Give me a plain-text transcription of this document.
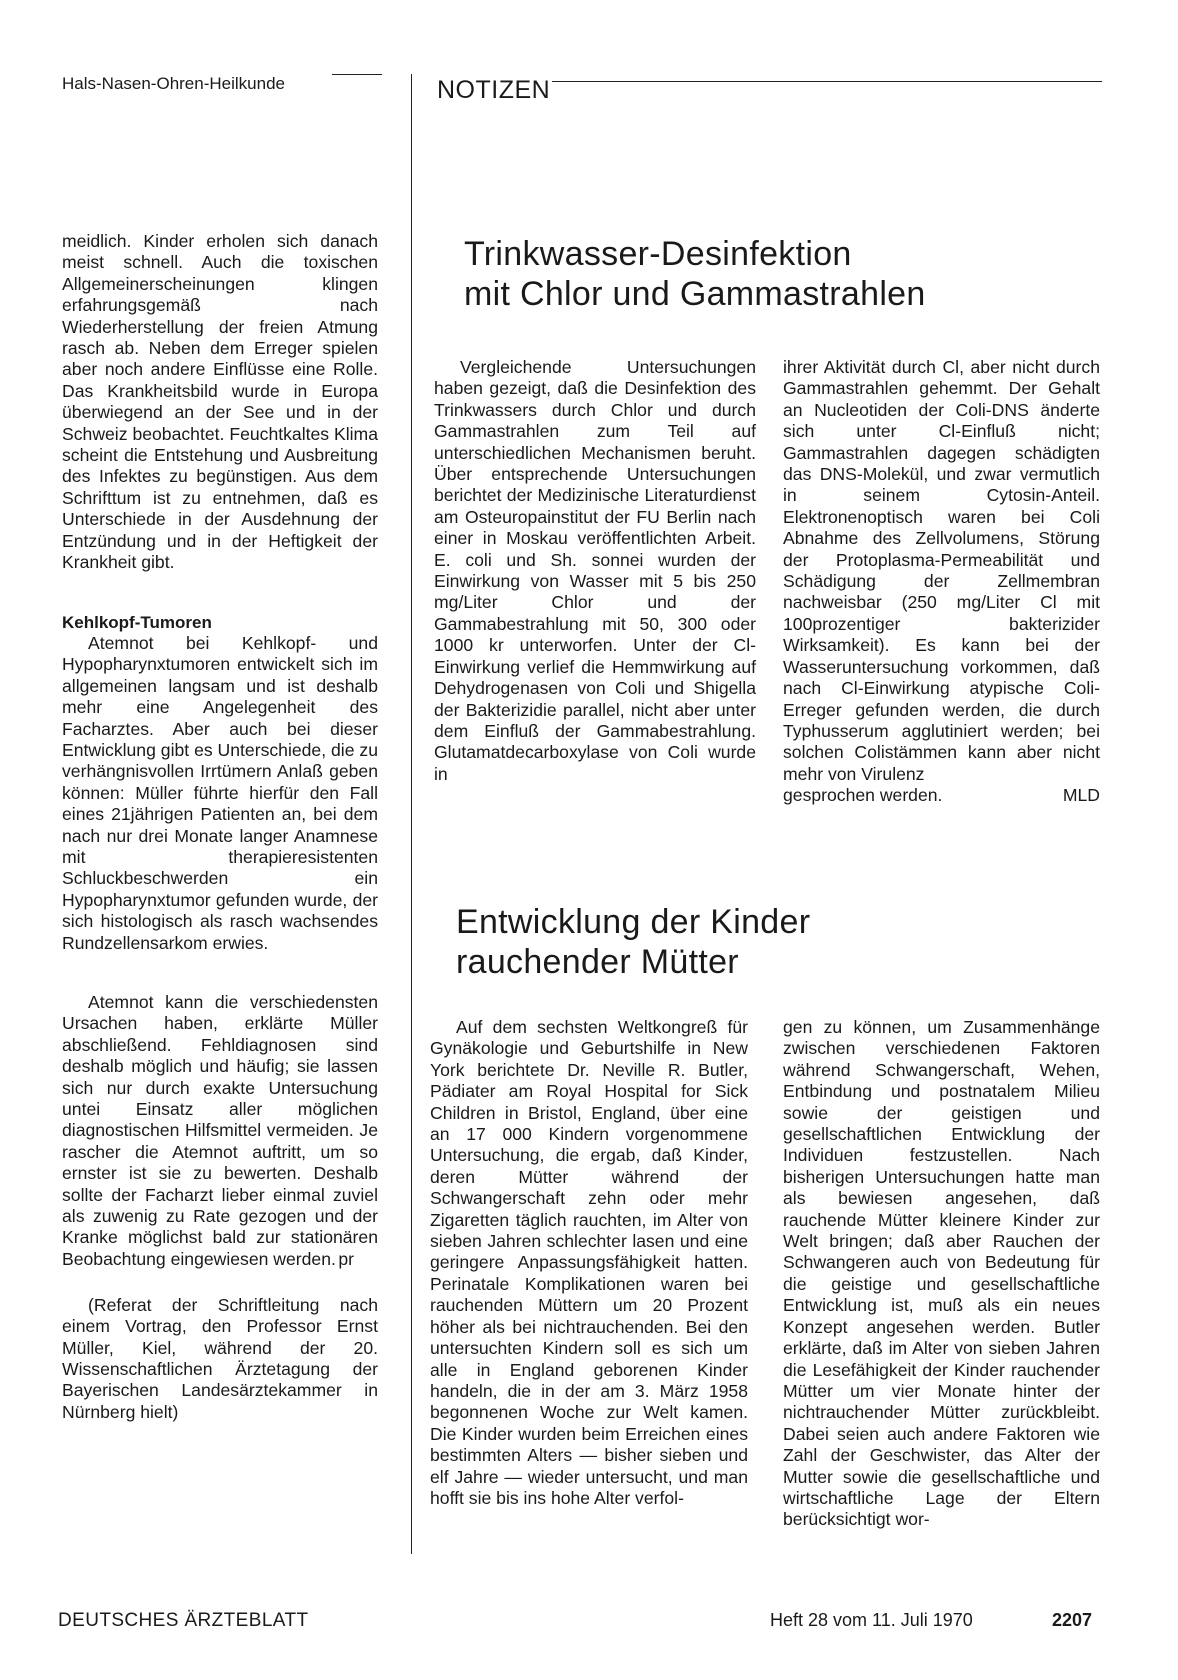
Hals-Nasen-Ohren-Heilkunde	NOTIZEN

meidlich. Kinder erholen sich danach meist schnell. Auch die toxischen Allgemeinerscheinungen klingen erfahrungsgemäß nach Wiederherstellung der freien Atmung rasch ab. Neben dem Erreger spielen aber noch andere Einflüsse eine Rolle. Das Krankheitsbild wurde in Europa überwiegend an der See und in der Schweiz beobachtet. Feuchtkaltes Klima scheint die Entstehung und Ausbreitung des Infektes zu begünstigen. Aus dem Schrifttum ist zu entnehmen, daß es Unterschiede in der Ausdehnung der Entzündung und in der Heftigkeit der Krankheit gibt.

Kehlkopf-Tumoren

Atemnot bei Kehlkopf- und Hypopharynxtumoren entwickelt sich im allgemeinen langsam und ist deshalb mehr eine Angelegenheit des Facharztes. Aber auch bei dieser Entwicklung gibt es Unterschiede, die zu verhängnisvollen Irrtümern Anlaß geben können: Müller führte hierfür den Fall eines 21jährigen Patienten an, bei dem nach nur drei Monate langer Anamnese mit therapieresistenten Schluckbeschwerden ein Hypopharynxtumor gefunden wurde, der sich histologisch als rasch wachsendes Rundzellensarkom erwies.

Atemnot kann die verschiedensten Ursachen haben, erklärte Müller abschließend. Fehldiagnosen sind deshalb möglich und häufig; sie lassen sich nur durch exakte Untersuchung untei Einsatz aller möglichen diagnostischen Hilfsmittel vermeiden. Je rascher die Atemnot auftritt, um so ernster ist sie zu bewerten. Deshalb sollte der Facharzt lieber einmal zuviel als zuwenig zu Rate gezogen und der Kranke möglichst bald zur stationären Beobachtung eingewiesen werden. pr

(Referat der Schriftleitung nach einem Vortrag, den Professor Ernst Müller, Kiel, während der 20. Wissenschaftlichen Ärztetagung der Bayerischen Landesärztekammer in Nürnberg hielt)

Trinkwasser-Desinfektion
mit Chlor und Gammastrahlen

Vergleichende Untersuchungen haben gezeigt, daß die Desinfektion des Trinkwassers durch Chlor und durch Gammastrahlen zum Teil auf unterschiedlichen Mechanismen beruht. Über entsprechende Untersuchungen berichtet der Medizinische Literaturdienst am Osteuropainstitut der FU Berlin nach einer in Moskau veröffentlichten Arbeit. E. coli und Sh. sonnei wurden der Einwirkung von Wasser mit 5 bis 250 mg/Liter Chlor und der Gammabestrahlung mit 50, 300 oder 1000 kr unterworfen. Unter der Cl-Einwirkung verlief die Hemmwirkung auf Dehydrogenasen von Coli und Shigella der Bakterizidie parallel, nicht aber unter dem Einfluß der Gammabestrahlung. Glutamatdecarboxylase von Coli wurde in

ihrer Aktivität durch Cl, aber nicht durch Gammastrahlen gehemmt. Der Gehalt an Nucleotiden der Coli-DNS änderte sich unter Cl-Einfluß nicht; Gammastrahlen dagegen schädigten das DNS-Molekül, und zwar vermutlich in seinem Cytosin-Anteil. Elektronenoptisch waren bei Coli Abnahme des Zellvolumens, Störung der Protoplasma-Permeabilität und Schädigung der Zellmembran nachweisbar (250 mg/Liter Cl mit 100prozentiger bakterizider Wirksamkeit). Es kann bei der Wasseruntersuchung vorkommen, daß nach Cl-Einwirkung atypische Coli-Erreger gefunden werden, die durch Typhusserum agglutiniert werden; bei solchen Colistämmen kann aber nicht mehr von Virulenz

gesprochen werden.	MLD
Entwicklung der Kinder
rauchender Mütter

Auf dem sechsten Weltkongreß für Gynäkologie und Geburtshilfe in New York berichtete Dr. Neville R. Butler, Pädiater am Royal Hospital for Sick Children in Bristol, England, über eine an 17 000 Kindern vorgenommene Untersuchung, die ergab, daß Kinder, deren Mütter während der Schwangerschaft zehn oder mehr Zigaretten täglich rauchten, im Alter von sieben Jahren schlechter lasen und eine geringere Anpassungsfähigkeit hatten. Perinatale Komplikationen waren bei rauchenden Müttern um 20 Prozent höher als bei nichtrauchenden. Bei den untersuchten Kindern soll es sich um alle in England geborenen Kinder handeln, die in der am 3. März 1958 begonnenen Woche zur Welt kamen. Die Kinder wurden beim Erreichen eines bestimmten Alters — bisher sieben und elf Jahre — wieder untersucht, und man hofft sie bis ins hohe Alter verfol-

gen zu können, um Zusammenhänge zwischen verschiedenen Faktoren während Schwangerschaft, Wehen, Entbindung und postnatalem Milieu sowie der geistigen und gesellschaftlichen Entwicklung der Individuen festzustellen. Nach bisherigen Untersuchungen hatte man als bewiesen angesehen, daß rauchende Mütter kleinere Kinder zur Welt bringen; daß aber Rauchen der Schwangeren auch von Bedeutung für die geistige und gesellschaftliche Entwicklung ist, muß als ein neues Konzept angesehen werden. Butler erklärte, daß im Alter von sieben Jahren die Lesefähigkeit der Kinder rauchender Mütter um vier Monate hinter der nichtrauchender Mütter zurückbleibt. Dabei seien auch andere Faktoren wie Zahl der Geschwister, das Alter der Mutter sowie die gesellschaftliche und wirtschaftliche Lage der Eltern berücksichtigt wor-

DEUTSCHES ÄRZTEBLATT	Heft 28 vom 11. Juli 1970	2207
